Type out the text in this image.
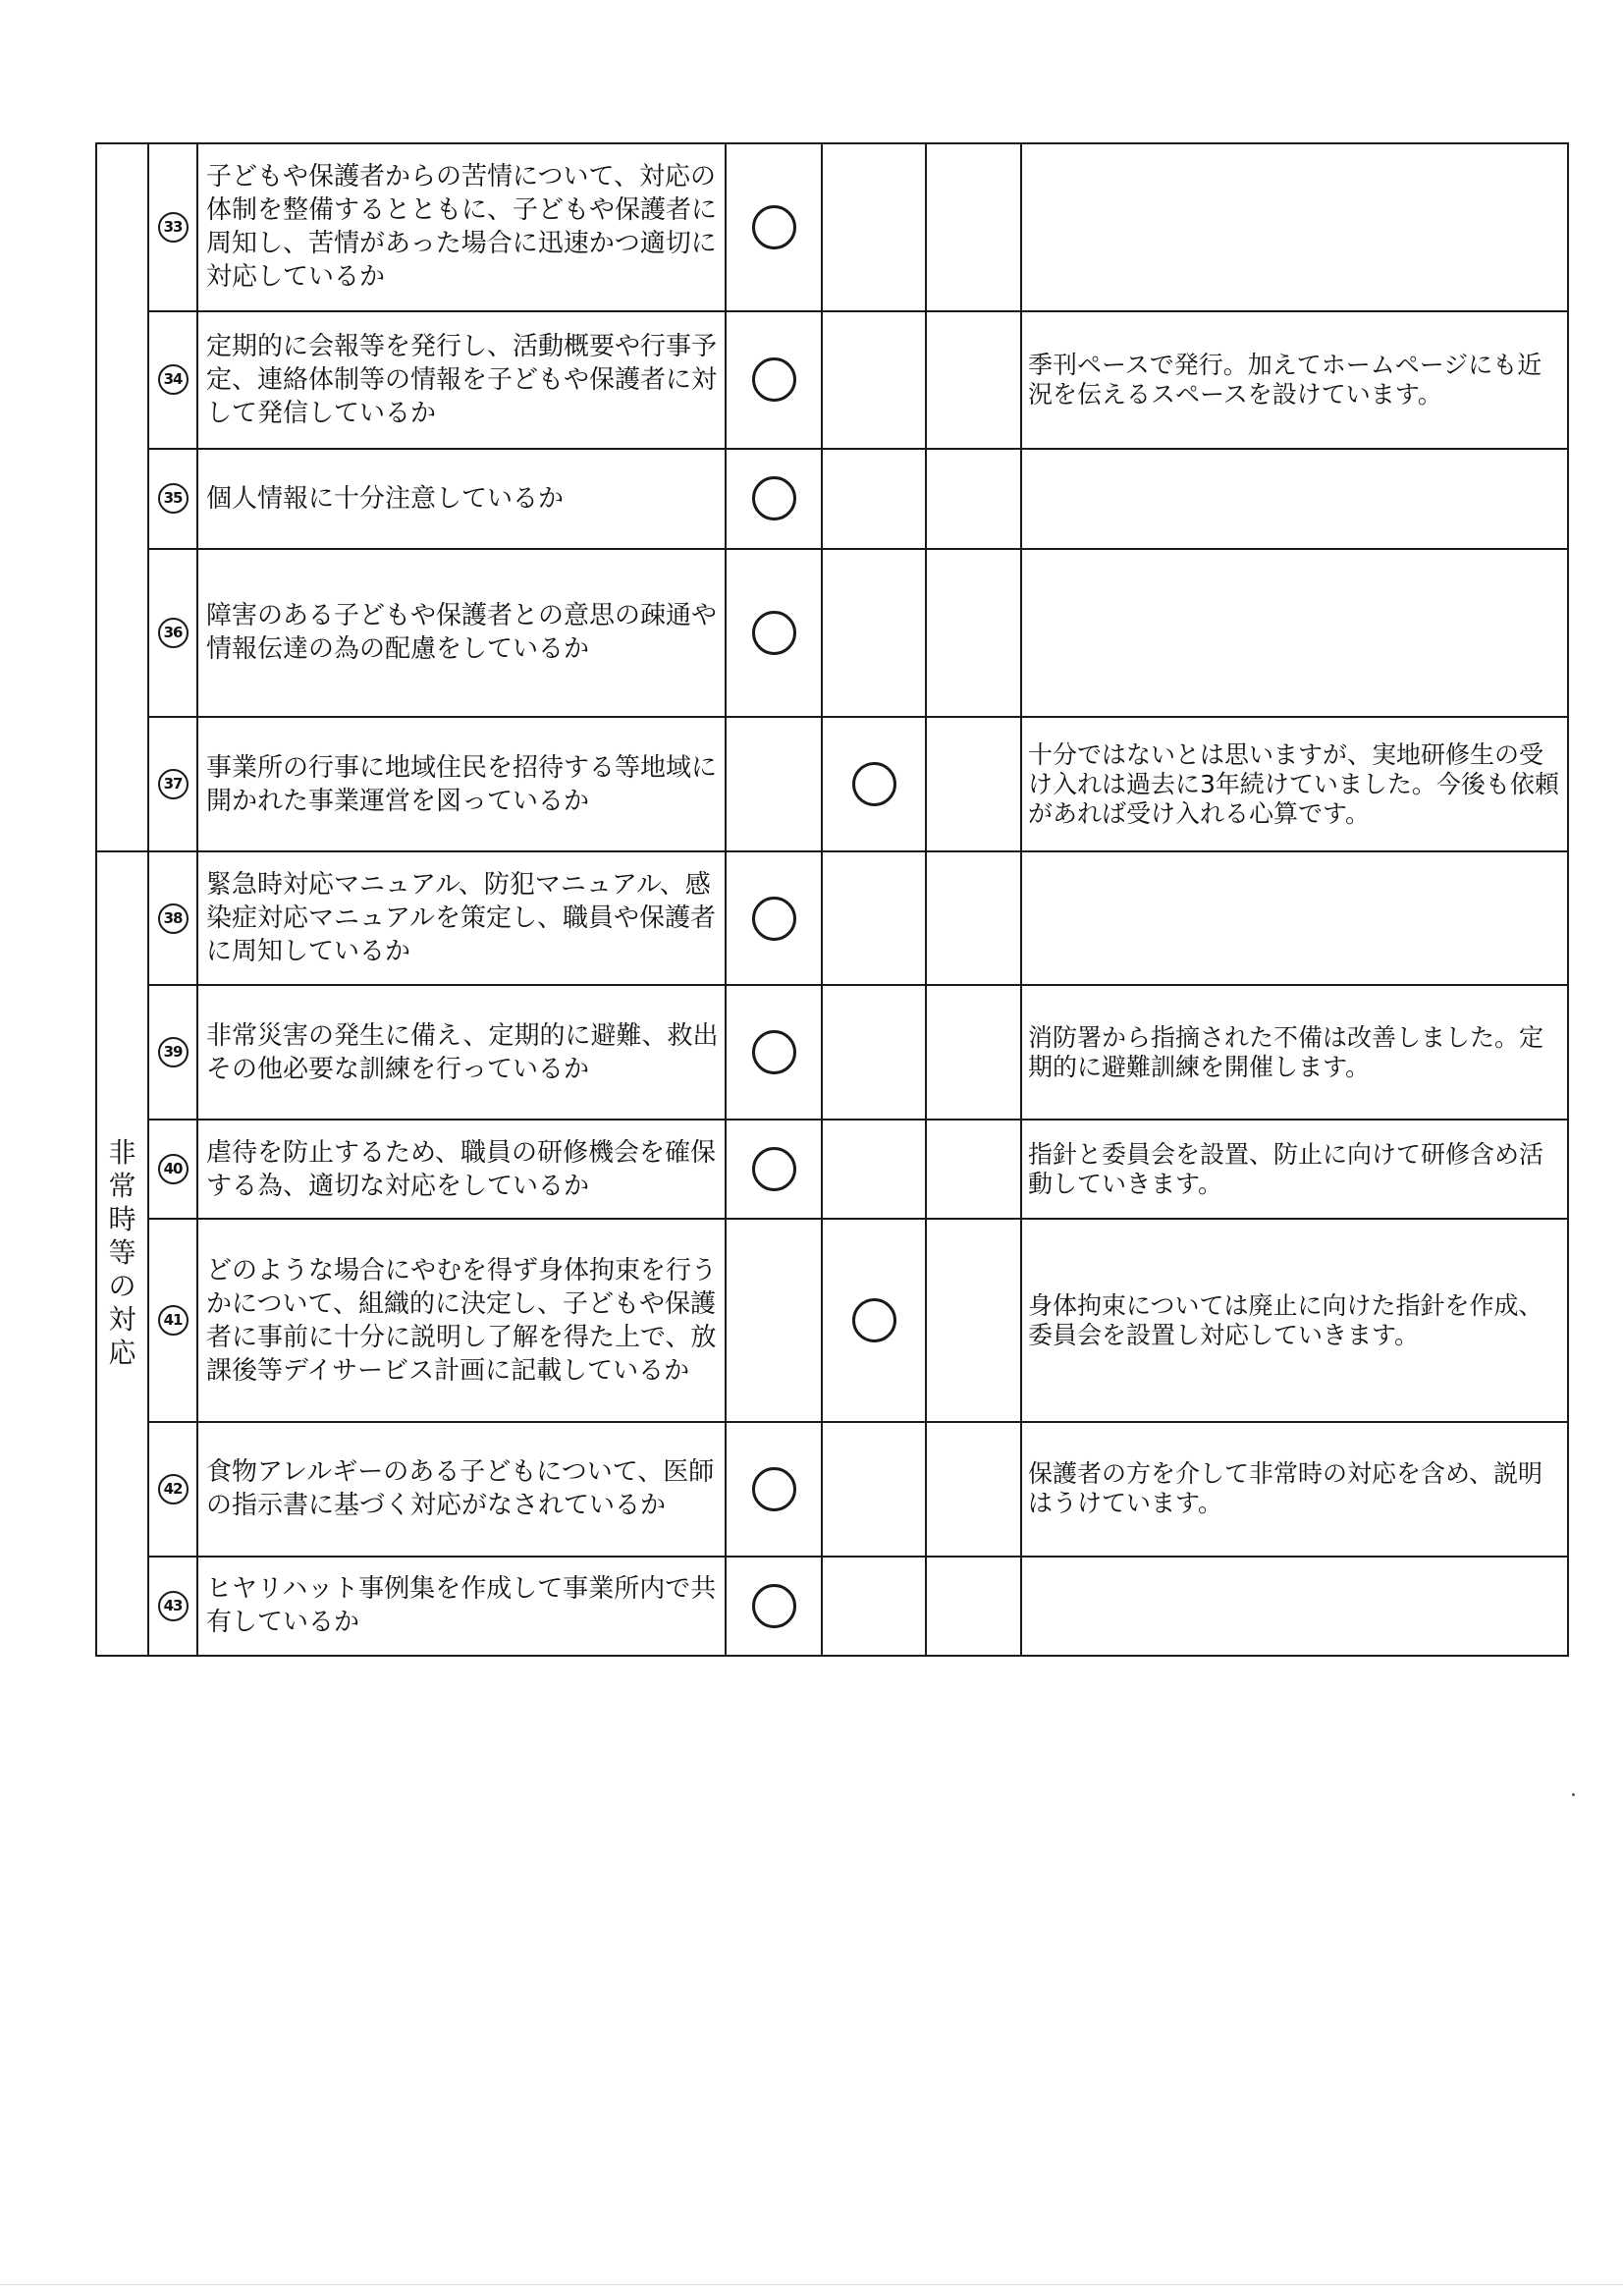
	33	子どもや保護者からの苦情について、対応の体制を整備するとともに、子どもや保護者に周知し、苦情があった場合に迅速かつ適切に対応しているか				
	34	定期的に会報等を発行し、活動概要や行事予定、連絡体制等の情報を子どもや保護者に対して発信しているか				季刊ペースで発行。加えてホームページにも近況を伝えるスペースを設けています。
	35	個人情報に十分注意しているか				
	36	障害のある子どもや保護者との意思の疎通や情報伝達の為の配慮をしているか				
	37	事業所の行事に地域住民を招待する等地域に開かれた事業運営を図っているか				十分ではないとは思いますが、実地研修生の受け入れは過去に3年続けていました。今後も依頼があれば受け入れる心算です。
非常時等の対応	38	緊急時対応マニュアル、防犯マニュアル、感染症対応マニュアルを策定し、職員や保護者に周知しているか				
	39	非常災害の発生に備え、定期的に避難、救出その他必要な訓練を行っているか				消防署から指摘された不備は改善しました。定期的に避難訓練を開催します。
	40	虐待を防止するため、職員の研修機会を確保する為、適切な対応をしているか				指針と委員会を設置、防止に向けて研修含め活動していきます。
	41	どのような場合にやむを得ず身体拘束を行うかについて、組織的に決定し、子どもや保護者に事前に十分に説明し了解を得た上で、放課後等デイサービス計画に記載しているか				身体拘束については廃止に向けた指針を作成、委員会を設置し対応していきます。
	42	食物アレルギーのある子どもについて、医師の指示書に基づく対応がなされているか				保護者の方を介して非常時の対応を含め、説明はうけています。
	43	ヒヤリハット事例集を作成して事業所内で共有しているか				
